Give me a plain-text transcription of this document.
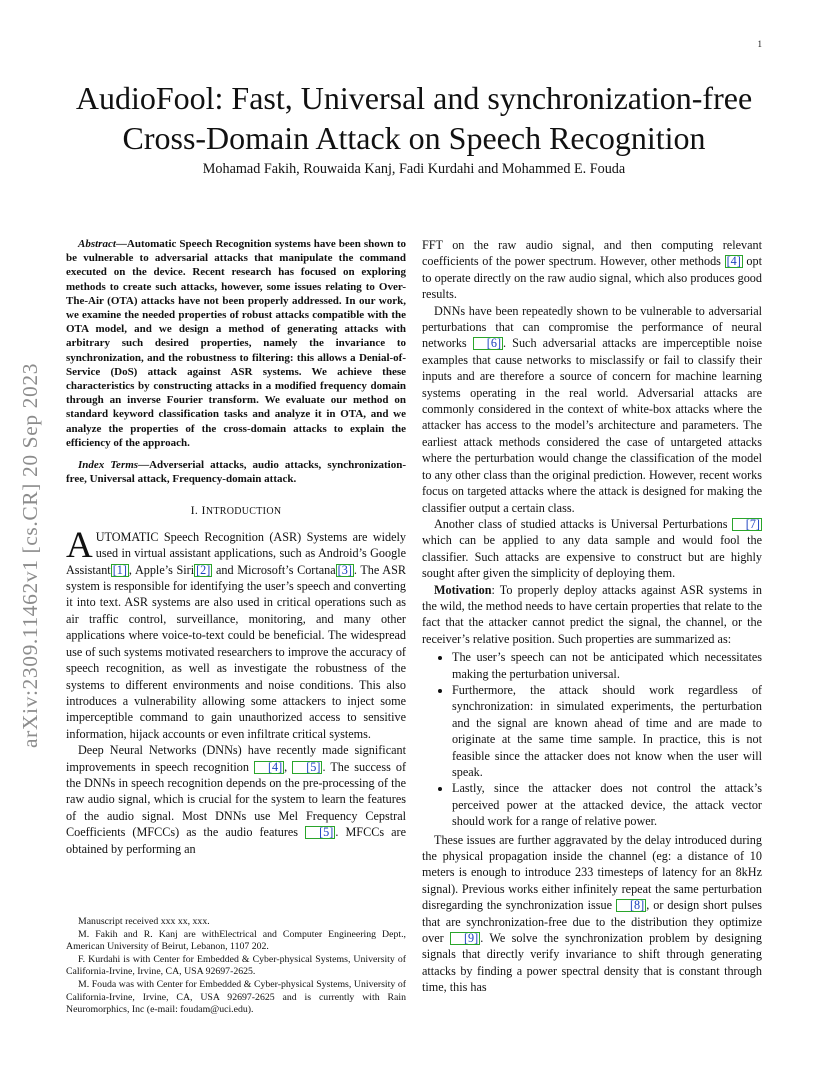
1
arXiv:2309.11462v1 [cs.CR] 20 Sep 2023
AudioFool: Fast, Universal and synchronization-free
Cross-Domain Attack on Speech Recognition
Mohamad Fakih, Rouwaida Kanj, Fadi Kurdahi and Mohammed E. Fouda

Abstract—Automatic Speech Recognition systems have been shown to be vulnerable to adversarial attacks that manipulate the command executed on the device. Recent research has focused on exploring methods to create such attacks, however, some issues relating to Over-The-Air (OTA) attacks have not been properly addressed. In our work, we examine the needed properties of robust attacks compatible with the OTA model, and we design a method of generating attacks with arbitrary such desired properties, namely the invariance to synchronization, and the robustness to filtering: this allows a Denial-of-Service (DoS) attack against ASR systems. We achieve these characteristics by constructing attacks in a modified frequency domain through an inverse Fourier transform. We evaluate our method on standard keyword classification tasks and analyze it in OTA, and we analyze the properties of the cross-domain attacks to explain the efficiency of the approach.

Index Terms—Adverserial attacks, audio attacks, synchronization-free, Universal attack, Frequency-domain attack.

I. INTRODUCTION

AUTOMATIC Speech Recognition (ASR) Systems are widely used in virtual assistant applications, such as Android’s Google Assistant [1] , Apple’s Siri [2] and Microsoft’s Cortana [3] . The ASR system is responsible for identifying the user’s speech and converting it into text. ASR systems are also used in critical operations such as air traffic control, surveillance, monitoring, and many other applications where voice-to-text could be beneficial. The widespread use of such systems motivated researchers to improve the accuracy of speech recognition, as well as investigate the robustness of the systems to different environments and noise conditions. This also introduces a vulnerability allowing some attackers to inject some imperceptible command to gain unauthorized access to sensitive information, hijack accounts or even infiltrate critical systems.

Deep Neural Networks (DNNs) have recently made significant improvements in speech recognition [4] , [5] . The success of the DNNs in speech recognition depends on the pre-processing of the raw audio signal, which is crucial for the system to learn the features of the audio signal. Most DNNs use Mel Frequency Cepstral Coefficients (MFCCs) as the audio features [5] . MFCCs are obtained by performing an

Manuscript received xxx xx, xxx.

M. Fakih and R. Kanj are withElectrical and Computer Engineering Dept., American University of Beirut, Lebanon, 1107 202.

F. Kurdahi is with Center for Embedded & Cyber-physical Systems, University of California-Irvine, Irvine, CA, USA 92697-2625.

M. Fouda was with Center for Embedded & Cyber-physical Systems, University of California-Irvine, Irvine, CA, USA 92697-2625 and is currently with Rain Neuromorphics, Inc (e-mail: foudam@uci.edu).

FFT on the raw audio signal, and then computing relevant coefficients of the power spectrum. However, other methods [4] opt to operate directly on the raw audio signal, which also produces good results.

DNNs have been repeatedly shown to be vulnerable to adversarial perturbations that can compromise the performance of neural networks [6] . Such adversarial attacks are imperceptible noise examples that cause networks to misclassify or fail to classify their inputs and are therefore a source of concern for machine learning systems operating in the real world. Adversarial attacks are commonly considered in the context of white-box attacks where the attacker has access to the model’s architecture and parameters. The earliest attack methods considered the case of untargeted attacks where the perturbation would change the classification of the model to any other class than the original prediction. However, recent works focus on targeted attacks where the attack is designed for making the classifier output a certain class.

Another class of studied attacks is Universal Perturbations [7] which can be applied to any data sample and would fool the classifier. Such attacks are expensive to construct but are highly sought after given the simplicity of deploying them.

Motivation: To properly deploy attacks against ASR systems in the wild, the method needs to have certain properties that relate to the fact that the attacker cannot predict the signal, the channel, or the receiver’s relative position. Such properties are summarized as:

• The user’s speech can not be anticipated which necessitates making the perturbation universal.
• Furthermore, the attack should work regardless of synchronization: in simulated experiments, the perturbation and the signal are known ahead of time and are made to originate at the same time sample. In practice, this is not feasible since the attacker does not know when the user will speak.
• Lastly, since the attacker does not control the attack’s perceived power at the attacked device, the attack vector should work for a range of relative power.

These issues are further aggravated by the delay introduced during the physical propagation inside the channel (eg: a distance of 10 meters is enough to introduce 233 timesteps of latency for an 8kHz signal). Previous works either infinitely repeat the same perturbation disregarding the synchronization issue [8] , or design short pulses that are synchronization-free due to the distribution they optimize over [9] . We solve the synchronization problem by designing signals that directly verify invariance to shift through generating attacks by finding a power spectral density that is constant through time, this has
